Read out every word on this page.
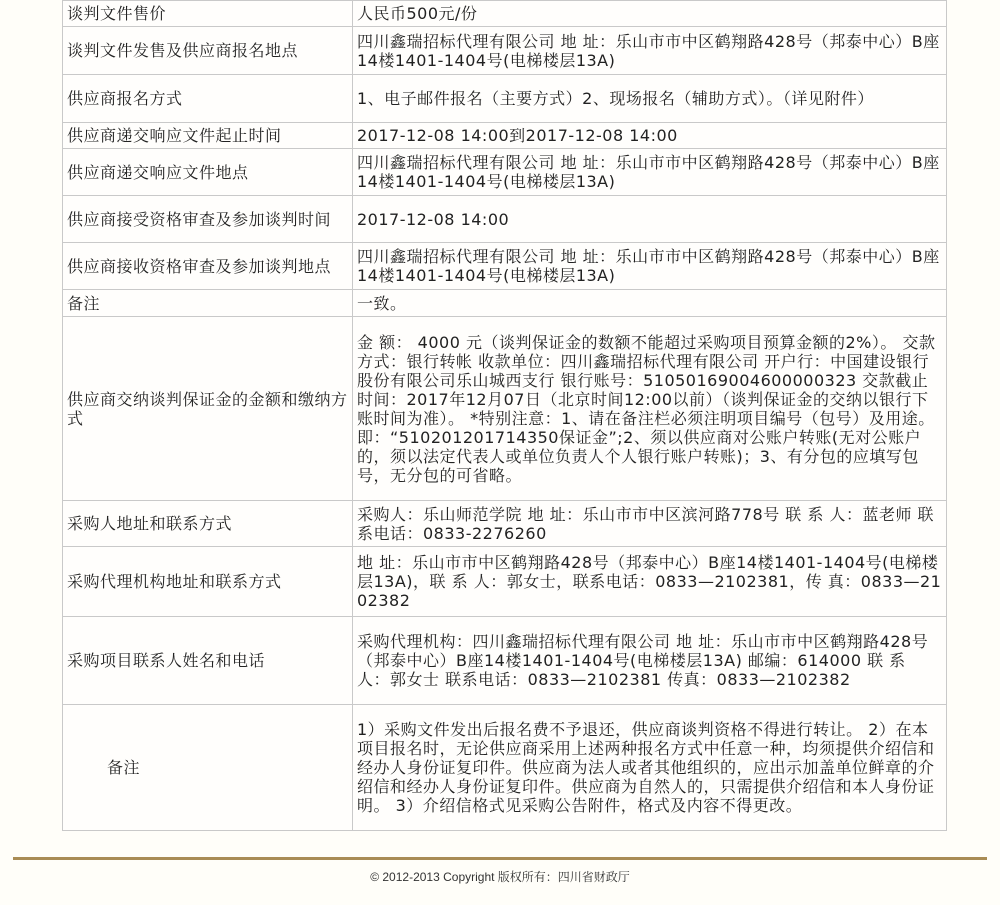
谈判文件售价	人民币500元/份
谈判文件发售及供应商报名地点	四川鑫瑞招标代理有限公司 地 址：乐山市市中区鹤翔路428号（邦泰中心）B座14楼1401-1404号(电梯楼层13A)
供应商报名方式	1、电子邮件报名（主要方式）2、现场报名（辅助方式）。（详见附件）
供应商递交响应文件起止时间	2017-12-08 14:00到2017-12-08 14:00
供应商递交响应文件地点	四川鑫瑞招标代理有限公司 地 址：乐山市市中区鹤翔路428号（邦泰中心）B座14楼1401-1404号(电梯楼层13A)
供应商接受资格审查及参加谈判时间	2017-12-08 14:00
供应商接收资格审查及参加谈判地点	四川鑫瑞招标代理有限公司 地 址：乐山市市中区鹤翔路428号（邦泰中心）B座14楼1401-1404号(电梯楼层13A)
备注	一致。
供应商交纳谈判保证金的金额和缴纳方式	金 额： 4000 元（谈判保证金的数额不能超过采购项目预算金额的2%）。 交款方式：银行转帐 收款单位：四川鑫瑞招标代理有限公司 开户行：中国建设银行股份有限公司乐山城西支行 银行账号：51050169004600000323 交款截止时间：2017年12月07日（北京时间12:00以前）（谈判保证金的交纳以银行下账时间为准）。 *特别注意：1、请在备注栏必须注明项目编号（包号）及用途。即：“510201201714350保证金”;2、须以供应商对公账户转账(无对公账户的，须以法定代表人或单位负责人个人银行账户转账)；3、有分包的应填写包号，无分包的可省略。
采购人地址和联系方式	采购人：乐山师范学院 地 址：乐山市市中区滨河路778号 联 系 人：蓝老师 联系电话：0833-2276260
采购代理机构地址和联系方式	地 址：乐山市市中区鹤翔路428号（邦泰中心）B座14楼1401-1404号(电梯楼层13A)，联 系 人：郭女士，联系电话：0833—2102381，传 真：0833—2102382
采购项目联系人姓名和电话	采购代理机构：四川鑫瑞招标代理有限公司 地 址：乐山市市中区鹤翔路428号（邦泰中心）B座14楼1401-1404号(电梯楼层13A) 邮编：614000 联 系 人：郭女士 联系电话：0833—2102381 传真：0833—2102382
备注	1）采购文件发出后报名费不予退还，供应商谈判资格不得进行转让。 2）在本项目报名时，无论供应商采用上述两种报名方式中任意一种，均须提供介绍信和经办人身份证复印件。供应商为法人或者其他组织的，应出示加盖单位鲜章的介绍信和经办人身份证复印件。供应商为自然人的，只需提供介绍信和本人身份证明。 3）介绍信格式见采购公告附件，格式及内容不得更改。
© 2012-2013 Copyright 版权所有：四川省财政厅
